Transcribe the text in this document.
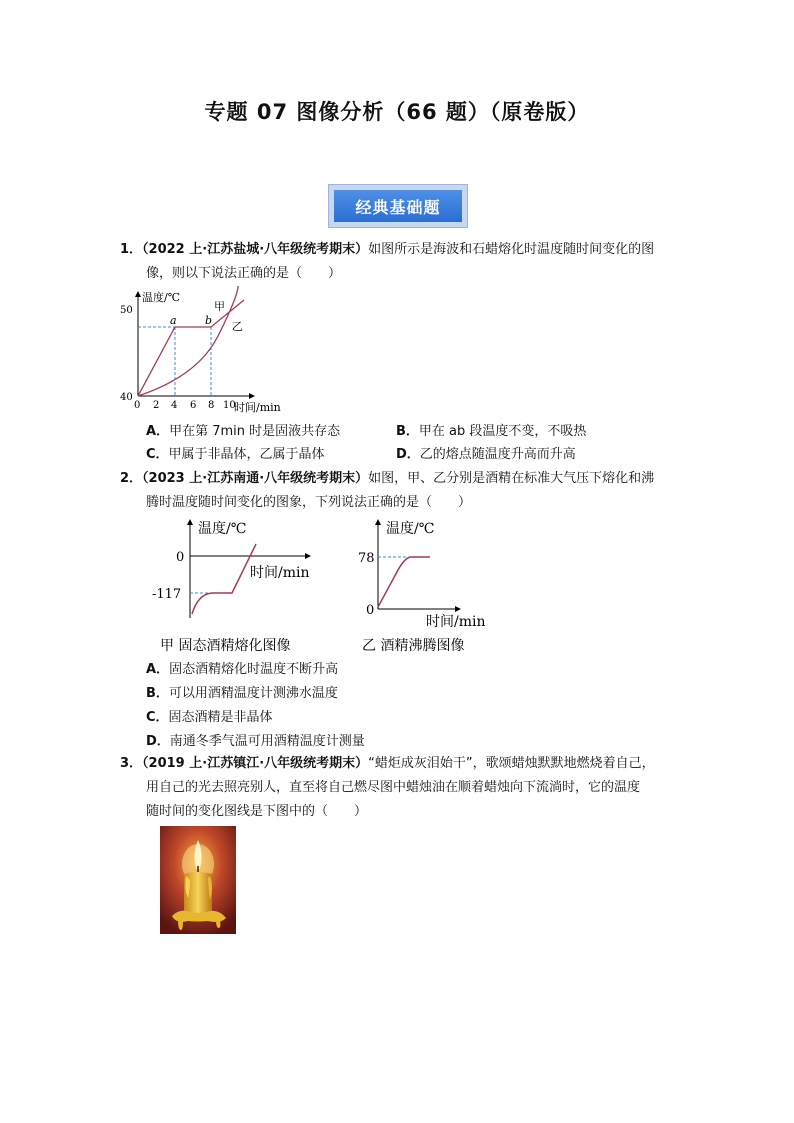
专题 07 图像分析（66 题）（原卷版）
经典基础题
1．（2022 上·江苏盐城·八年级统考期末）如图所示是海波和石蜡熔化时温度随时间变化的图
像，则以下说法正确的是（　　）
温度/℃
50
40
0 2 4 6 8 10
时间/min
a	b
甲
乙
A．甲在第 7min 时是固液共存态	B．甲在 ab 段温度不变，不吸热
C．甲属于非晶体，乙属于晶体	D．乙的熔点随温度升高而升高
2．（2023 上·江苏南通·八年级统考期末）如图，甲、乙分别是酒精在标准大气压下熔化和沸
腾时温度随时间变化的图象，下列说法正确的是（　　）
温度/℃
0
-117
时间/min
甲 固态酒精熔化图像
温度/℃
78
0
时间/min
乙 酒精沸腾图像
A．固态酒精熔化时温度不断升高
B．可以用酒精温度计测沸水温度
C．固态酒精是非晶体
D．南通冬季气温可用酒精温度计测量
3．（2019 上·江苏镇江·八年级统考期末）“蜡炬成灰泪始干”，歌颂蜡烛默默地燃烧着自己，
用自己的光去照亮别人，直至将自己燃尽图中蜡烛油在顺着蜡烛向下流淌时，它的温度
随时间的变化图线是下图中的（　　）
